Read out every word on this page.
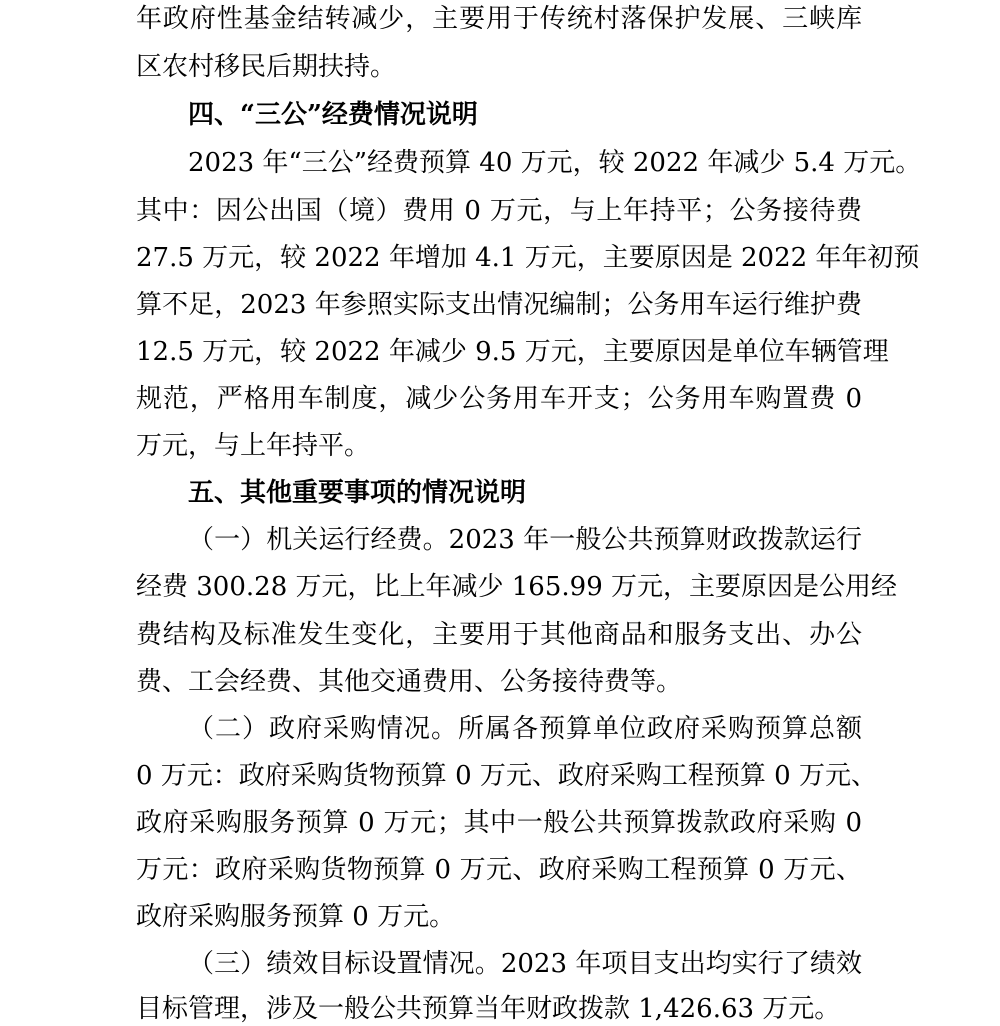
年政府性基金结转减少，主要用于传统村落保护发展、三峡库
区农村移民后期扶持。
四、“三公”经费情况说明
2023 年“三公”经费预算 40 万元，较 2022 年减少 5.4 万元。
其中：因公出国（境）费用 0 万元，与上年持平；公务接待费
27.5 万元，较 2022 年增加 4.1 万元，主要原因是 2022 年年初预
算不足，2023 年参照实际支出情况编制；公务用车运行维护费
12.5 万元，较 2022 年减少 9.5 万元，主要原因是单位车辆管理
规范，严格用车制度，减少公务用车开支；公务用车购置费 0
万元，与上年持平。
五、其他重要事项的情况说明
（一）机关运行经费。2023 年一般公共预算财政拨款运行
经费 300.28 万元，比上年减少 165.99 万元，主要原因是公用经
费结构及标准发生变化，主要用于其他商品和服务支出、办公
费、工会经费、其他交通费用、公务接待费等。
（二）政府采购情况。所属各预算单位政府采购预算总额
0 万元：政府采购货物预算 0 万元、政府采购工程预算 0 万元、
政府采购服务预算 0 万元；其中一般公共预算拨款政府采购 0
万元：政府采购货物预算 0 万元、政府采购工程预算 0 万元、
政府采购服务预算 0 万元。
（三）绩效目标设置情况。2023 年项目支出均实行了绩效
目标管理，涉及一般公共预算当年财政拨款 1,426.63 万元。
